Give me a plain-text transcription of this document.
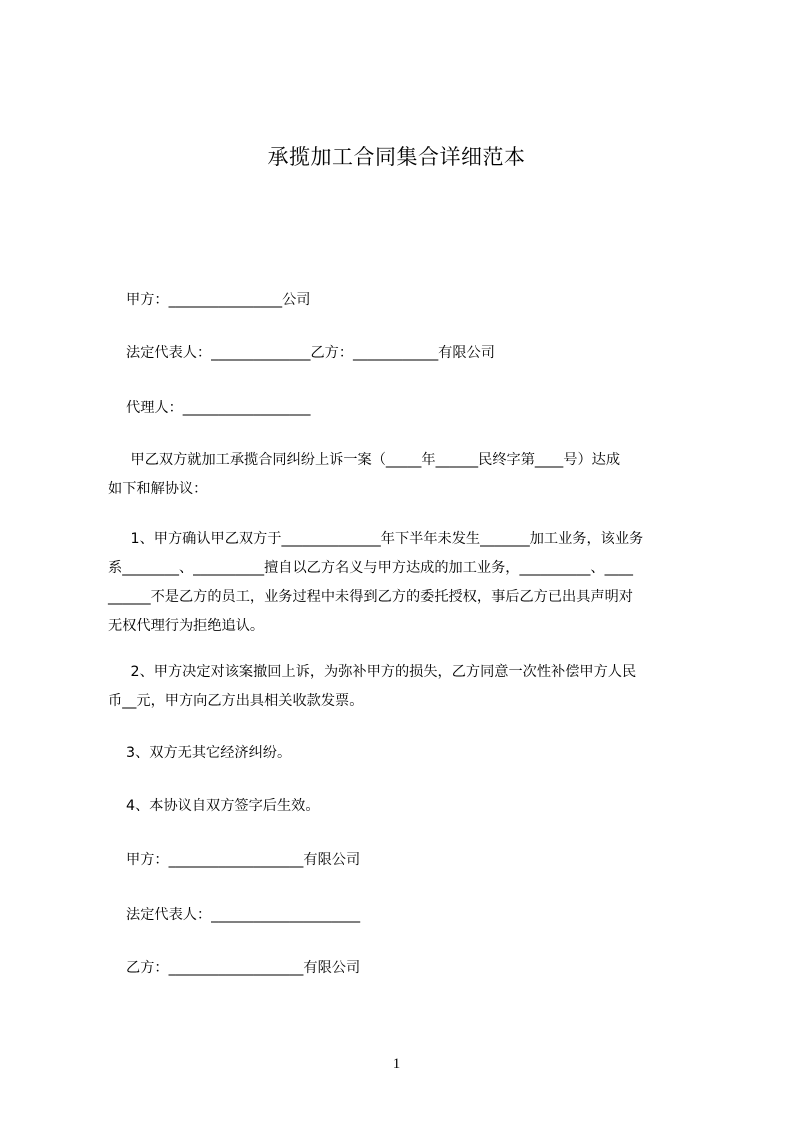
承揽加工合同集合详细范本
甲方：________________公司
法定代表人：______________乙方：____________有限公司
代理人：__________________
甲乙双方就加工承揽合同纠纷上诉一案（_____年______民终字第____号）达成
如下和解协议：
1、甲方确认甲乙双方于______________年下半年未发生_______加工业务，该业务
系________、__________擅自以乙方名义与甲方达成的加工业务，__________、____
______不是乙方的员工，业务过程中未得到乙方的委托授权，事后乙方已出具声明对
无权代理行为拒绝追认。
2、甲方决定对该案撤回上诉，为弥补甲方的损失，乙方同意一次性补偿甲方人民
币__元，甲方向乙方出具相关收款发票。
3、双方无其它经济纠纷。
4、本协议自双方签字后生效。
甲方：___________________有限公司
法定代表人：_____________________
乙方：___________________有限公司
1
